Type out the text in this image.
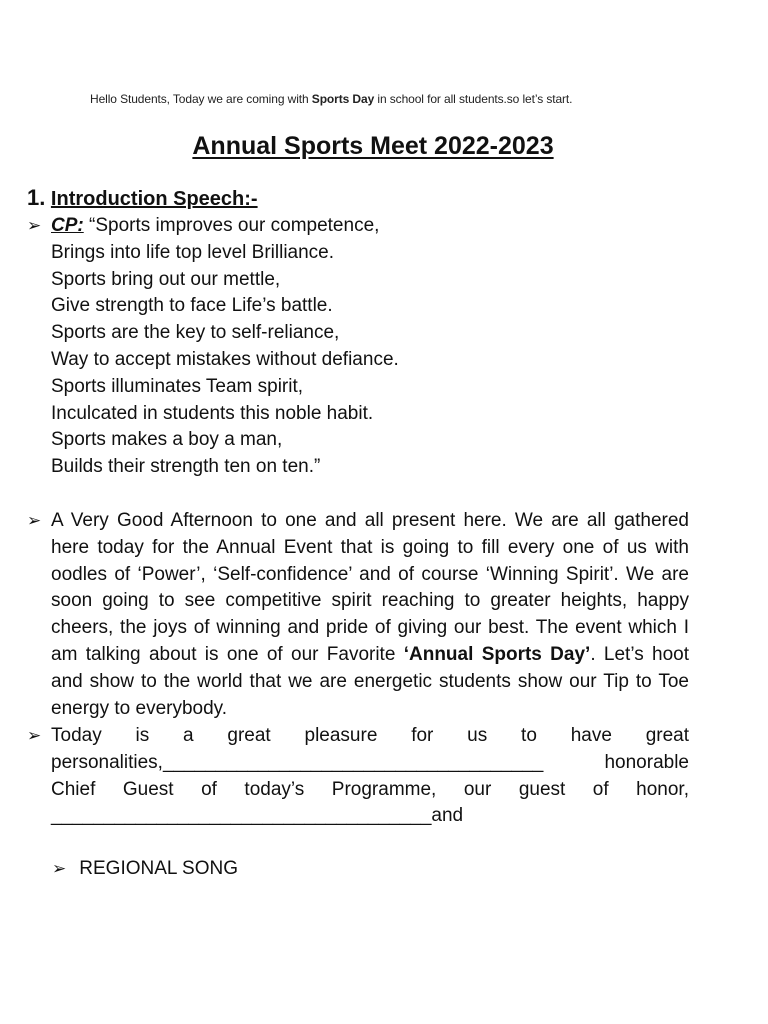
Hello Students, Today we are coming with Sports Day in school for all students.so let’s start.
Annual Sports Meet 2022-2023
1. Introduction Speech:-
➢ CP: “Sports improves our competence,
Brings into life top level Brilliance.
Sports bring out our mettle,
Give strength to face Life’s battle.
Sports are the key to self-reliance,
Way to accept mistakes without defiance.
Sports illuminates Team spirit,
Inculcated in students this noble habit.
Sports makes a boy a man,
Builds their strength ten on ten.”
➢ A Very Good Afternoon to one and all present here. We are all gathered here today for the Annual Event that is going to fill every one of us with oodles of ‘Power’, ‘Self-confidence’ and of course ‘Winning Spirit’. We are soon going to see competitive spirit reaching to greater heights, happy cheers, the joys of winning and pride of giving our best. The event which I am talking about is one of our Favorite ‘Annual Sports Day’. Let’s hoot and show to the world that we are energetic students show our Tip to Toe energy to everybody.
➢ Today is a great pleasure for us to have great
personalities,____________________________________ honorable
Chief Guest of today’s Programme, our guest of honor,
____________________________________and
➢ REGIONAL SONG
